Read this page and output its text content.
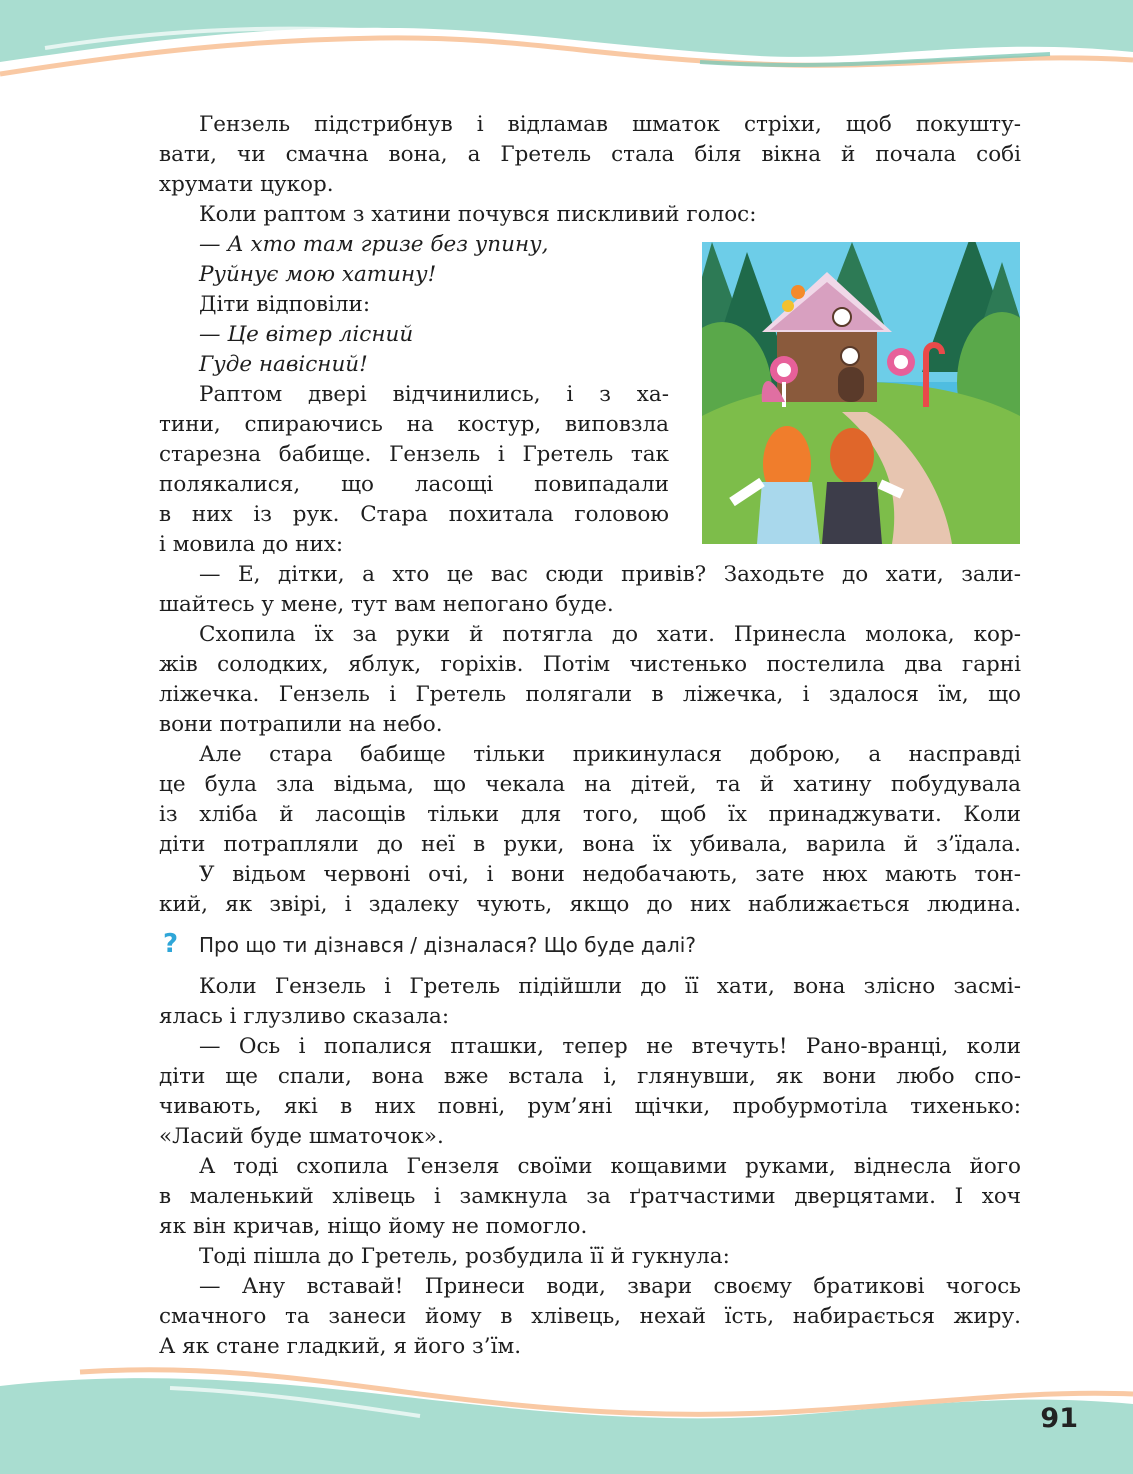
Гензель підстрибнув і відламав шматок стріхи, щоб покушту-
вати, чи смачна вона, а Гретель стала біля вікна й почала собі
хрумати цукор.

Коли раптом з хатини почувся пискливий голос:

— А хто там гризе без упину,
Руйнує мою хатину!

Діти відповіли:

— Це вітер лісний
Гуде навісний!

Раптом двері відчинились, і з ха-
тини, спираючись на костур, виповзла
старезна бабище. Гензель і Гретель так
полякалися, що ласощі повипадали
в них із рук. Стара похитала головою
і мовила до них:

— Е, дітки, а хто це вас сюди привів? Заходьте до хати, зали-
шайтесь у мене, тут вам непогано буде.

Схопила їх за руки й потягла до хати. Принесла молока, кор-
жів солодких, яблук, горіхів. Потім чистенько постелила два гарні
ліжечка. Гензель і Гретель полягали в ліжечка, і здалося їм, що
вони потрапили на небо.

Але стара бабище тільки прикинулася доброю, а насправді
це була зла відьма, що чекала на дітей, та й хатину побудувала
із хліба й ласощів тільки для того, щоб їх принаджувати. Коли
діти потрапляли до неї в руки, вона їх убивала, варила й з’їдала.

У відьом червоні очі, і вони недобачають, зате нюх мають тон-
кий, як звірі, і здалеку чують, якщо до них наближається людина.

? Про що ти дізнався / дізналася? Що буде далі?

Коли Гензель і Гретель підійшли до її хати, вона злісно засмі-
ялась і глузливо сказала:

— Ось і попалися пташки, тепер не втечуть! Рано-вранці, коли
діти ще спали, вона вже встала і, глянувши, як вони любо спо-
чивають, які в них повні, рум’яні щічки, пробурмотіла тихенько:
«Ласий буде шматочок».

А тоді схопила Гензеля своїми кощавими руками, віднесла його
в маленький хлівець і замкнула за ґратчастими дверцятами. І хоч
як він кричав, ніщо йому не помогло.

Тоді пішла до Гретель, розбудила її й гукнула:

— Ану вставай! Принеси води, звари своєму братикові чогось
смачного та занеси йому в хлівець, нехай їсть, набирається жиру.
А як стане гладкий, я його з’їм.

91
